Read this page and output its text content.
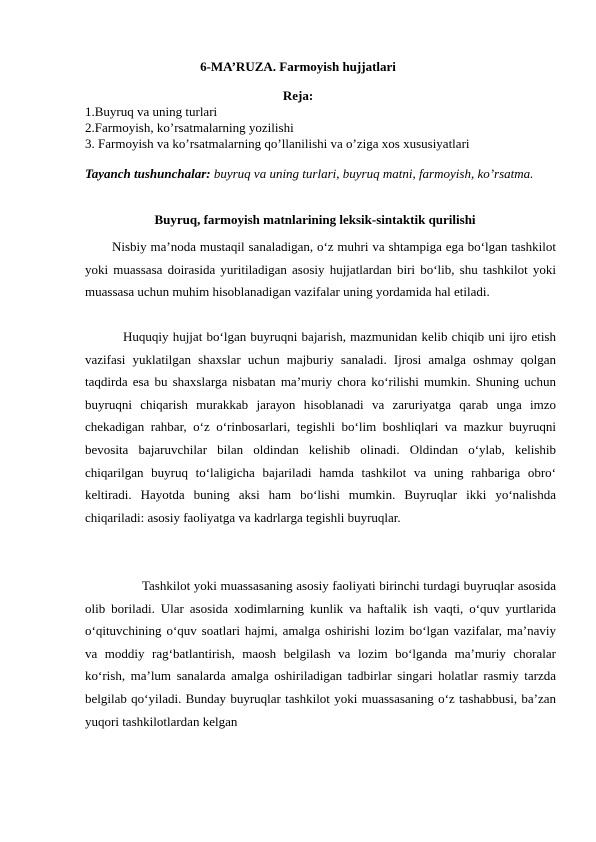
6-MA’RUZA. Farmoyish hujjatlari
Reja:
1.Buyruq va uning turlari
2.Farmoyish, ko’rsatmalarning yozilishi
3. Farmoyish va ko’rsatmalarning qo’llanilishi va o’ziga xos xususiyatlari
Tayanch tushunchalar: buyruq va uning turlari, buyruq matni, farmoyish, ko’rsatma.
Buyruq, farmoyish matnlarining leksik-sintaktik qurilishi

Nisbiy ma’noda mustaqil sanaladigan, o‘z muhri va shtampiga ega bo‘lgan tashkilot yoki muassasa doirasida yuritiladigan asosiy hujjatlardan biri bo‘lib, shu tashkilot yoki muassasa uchun muhim hisoblanadigan vazifalar uning yordamida hal etiladi.

Huquqiy hujjat bo‘lgan buyruqni bajarish, mazmunidan kelib chiqib uni ijro etish vazifasi yuklatilgan shaxslar uchun majburiy sanaladi. Ijrosi amalga oshmay qolgan taqdirda esa bu shaxslarga nisbatan ma’muriy chora ko‘rilishi mumkin. Shuning uchun buyruqni chiqarish murakkab jarayon hisoblanadi va zaruriyatga qarab unga imzo chekadigan rahbar, o‘z o‘rinbosarlari, tegishli bo‘lim boshliqlari va mazkur buyruqni bevosita bajaruvchilar bilan oldindan kelishib olinadi. Oldindan o‘ylab, kelishib chiqarilgan buyruq to‘laligicha bajariladi hamda tashkilot va uning rahbariga obro‘ keltiradi. Hayotda buning aksi ham bo‘lishi mumkin. Buyruqlar ikki yo‘nalishda chiqariladi: asosiy faoliyatga va kadrlarga tegishli buyruqlar.

Tashkilot yoki muassasaning asosiy faoliyati birinchi turdagi buyruqlar asosida olib boriladi. Ular asosida xodimlarning kunlik va haftalik ish vaqti, o‘quv yurtlarida o‘qituvchining o‘quv soatlari hajmi, amalga oshirishi lozim bo‘lgan vazifalar, ma’naviy va moddiy rag‘batlantirish, maosh belgilash va lozim bo‘lganda ma’muriy choralar ko‘rish, ma’lum sanalarda amalga oshiriladigan tadbirlar singari holatlar rasmiy tarzda belgilab qo‘yiladi. Bunday buyruqlar tashkilot yoki muassasaning o‘z tashabbusi, ba’zan yuqori tashkilotlardan kelgan
